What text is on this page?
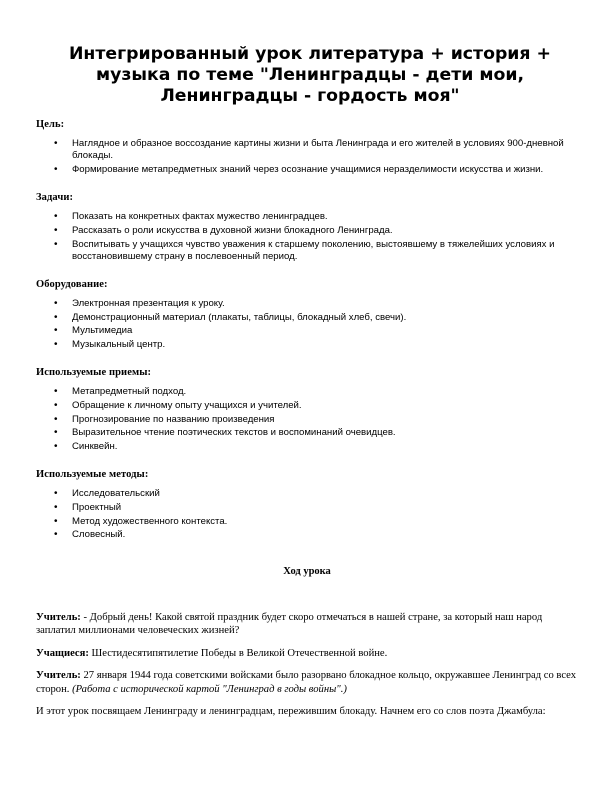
Интегрированный урок литература + история + музыка по теме "Ленинградцы - дети мои, Ленинградцы - гордость моя"
Цель:
• Наглядное и образное воссоздание картины жизни и быта Ленинграда и его жителей в условиях 900-дневной блокады.
• Формирование метапредметных знаний через осознание учащимися неразделимости искусства и жизни.
Задачи:
• Показать на конкретных фактах мужество ленинградцев.
• Рассказать о роли искусства в духовной жизни блокадного Ленинграда.
• Воспитывать у учащихся чувство уважения к старшему поколению, выстоявшему в тяжелейших условиях и восстановившему страну в послевоенный период.
Оборудование:
• Электронная презентация к уроку.
• Демонстрационный материал (плакаты, таблицы, блокадный хлеб, свечи).
• Мультимедиа
• Музыкальный центр.
Используемые приемы:
• Метапредметный подход.
• Обращение к личному опыту учащихся и учителей.
• Прогнозирование по названию произведения
• Выразительное чтение поэтических текстов и воспоминаний очевидцев.
• Синквейн.
Используемые методы:
• Исследовательский
• Проектный
• Метод художественного контекста.
• Словесный.
Ход урока

Учитель: - Добрый день! Какой святой праздник будет скоро отмечаться в нашей стране, за который наш народ заплатил миллионами человеческих жизней?

Учащиеся: Шестидесятипятилетие Победы в Великой Отечественной войне.

Учитель: 27 января 1944 года советскими войсками было разорвано блокадное кольцо, окружавшее Ленинград со всех сторон. (Работа с исторической картой "Ленинград в годы войны".)

И этот урок посвящаем Ленинграду и ленинградцам, пережившим блокаду. Начнем его со слов поэта Джамбула:
